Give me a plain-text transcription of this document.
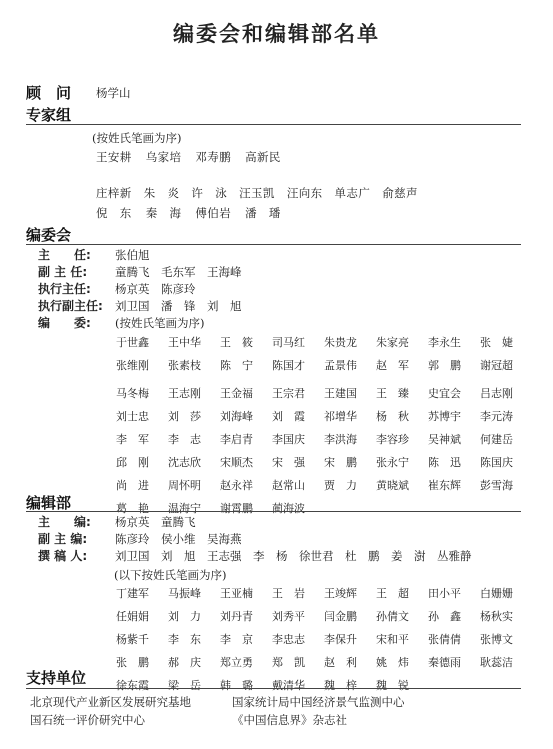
编委会和编辑部名单
顾　问 杨学山
专家组
(按姓氏笔画为序)
王安耕 乌家培 邓寿鹏 高新民
庄梓新 朱　炎 许　泳 汪玉凯 汪向东 单志广 俞慈声
倪　东 秦　海 傅伯岩 潘　璠
编委会
主　　任: 张伯旭
副 主 任: 童腾飞　毛东军　王海峰
执行主任: 杨京英　陈彦玲
执行副主任: 刘卫国　潘　锋　刘　旭
编　　委: (按姓氏笔画为序)
于世鑫	王中华	王　筱	司马红	朱贵龙	朱家亮	李永生	张　婕
张维刚	张素枝	陈　宁	陈国才	孟景伟	赵　军	郭　鹏	谢冠超
马冬梅	王志刚	王金福	王宗君	王建国	王　臻	史宜会	吕志刚
刘士忠	刘　莎	刘海峰	刘　霞	祁增华	杨　秋	苏博宇	李元涛
李　军	李　志	李启青	李国庆	李洪海	李容珍	吴神斌	何建岳
邱　刚	沈志欣	宋顺杰	宋　强	宋　鹏	张永宁	陈　迅	陈国庆
尚　进	周怀明	赵永祥	赵常山	贾　力	黄晓斌	崔东辉	彭雪海
葛　艳	温海宁	谢霄鹏	蔺海波
编辑部
主　　编: 杨京英　童腾飞
副 主 编: 陈彦玲　侯小维　吴海燕
撰 稿 人: 刘卫国　刘　旭　王志强　李　杨　徐世君　杜　鹏　姜　澍　丛雅静
(以下按姓氏笔画为序)
丁建军	马振峰	王亚楠	王　岩	王竣辉	王　超	田小平	白姗姗
任娟娟	刘　力	刘丹青	刘秀平	闫金鹏	孙倩文	孙　鑫	杨秋实
杨紫千	李　东	李　京	李忠志	李保升	宋和平	张倩倩	张博文
张　鹏	郝　庆	郑立勇	郑　凯	赵　利	姚　炜	秦德雨	耿蕊洁
徐东霞	梁　岳	韩　璐	戴清华	魏　梓	魏　锐
支持单位
北京现代产业新区发展研究基地	国家统计局中国经济景气监测中心
国石统一评价研究中心	《中国信息界》杂志社
